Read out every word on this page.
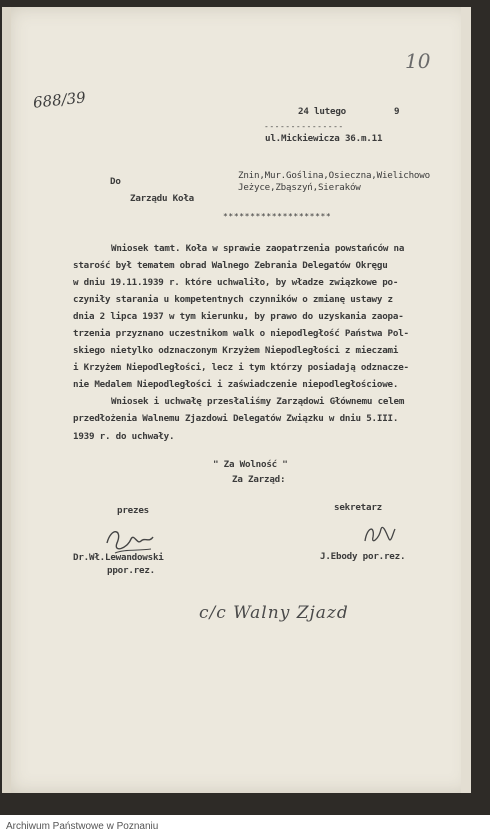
10
688/39	24 lutego         9
---------------
ul.Mickiewicza 36.m.11
Do
Znin,Mur.Goślina,Osieczna,Wielichowo
Jeżyce,Zbąszyń,Sieraków
Zarządu Koła
********************
Wniosek tamt. Koła w sprawie zaopatrzenia powstańców na
starość był tematem obrad Walnego Zebrania Delegatów Okręgu
w dniu 19.11.1939 r. które uchwaliło, by władze związkowe po-
czyniły starania u kompetentnych czynników o zmianę ustawy z
dnia 2 lipca 1937 w tym kierunku, by prawo do uzyskania zaopa-
trzenia przyznano uczestnikom walk o niepodległość Państwa Pol-
skiego nietylko odznaczonym Krzyżem Niepodległości z mieczami
i Krzyżem Niepodległości, lecz i tym którzy posiadają odznacze-
nie Medalem Niepodległości i zaświadczenie niepodległościowe.
Wniosek i uchwałę przesłaliśmy Zarządowi Głównemu celem
przedłożenia Walnemu Zjazdowi Delegatów Związku w dniu 5.III.
1939 r. do uchwały.
" Za Wolność "
Za Zarząd:
prezes	sekretarz
Dr.Wł.Lewandowski
ppor.rez.
J.Ebody por.rez.
c/c Walny Zjazd
Archiwum Państwowe w Poznaniu
